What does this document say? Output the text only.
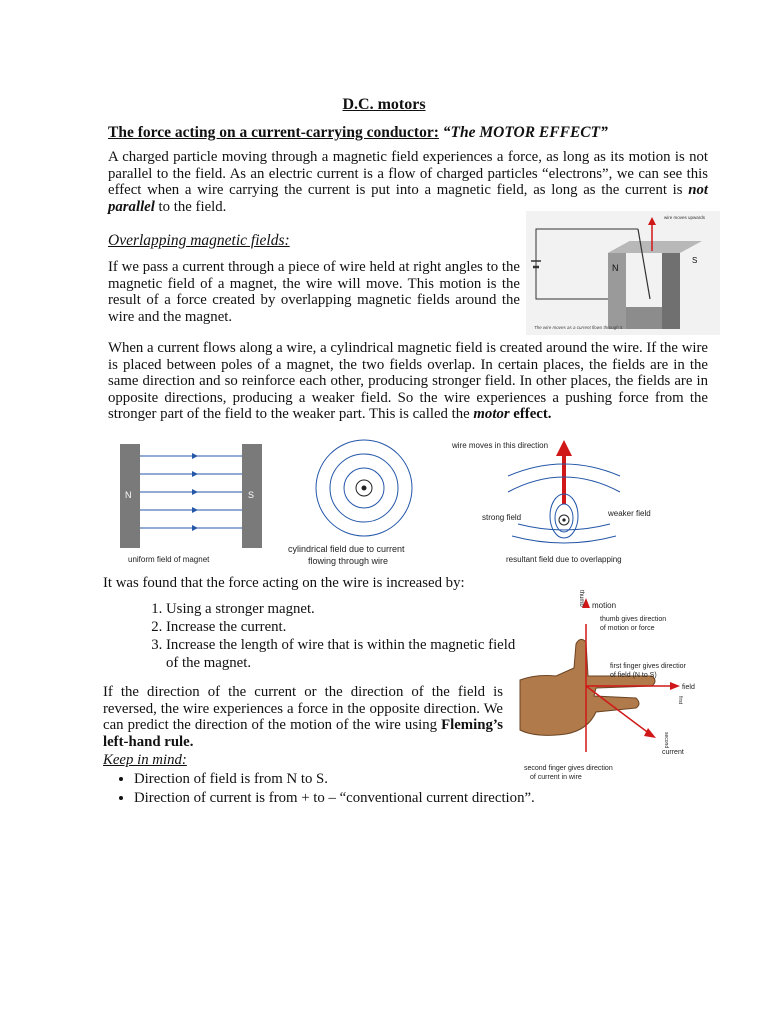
D.C. motors
The force acting on a current-carrying conductor: “The MOTOR EFFECT”

A charged particle moving through a magnetic field experiences a force, as long as its motion is not parallel to the field. As an electric current is a flow of charged particles “electrons”, we can see this effect when a wire carrying the current is put into a magnetic field, as long as the current is not parallel to the field.

Overlapping magnetic fields:

If we pass a current through a piece of wire held at right angles to the magnetic field of a magnet, the wire will move. This motion is the result of a force created by overlapping magnetic fields around the wire and the magnet.

wire moves upwards
N
S
The wire moves as a current flows through it.

When a current flows along a wire, a cylindrical magnetic field is created around the wire. If the wire is placed between poles of a magnet, the two fields overlap. In certain places, the fields are in the same direction and so reinforce each other, producing stronger field. In other places, the fields are in opposite directions, producing a weaker field. So the wire experiences a pushing force from the stronger part of the field to the weaker part. This is called the motor effect.

N	S
uniform field of magnet
cylindrical field due to current
flowing through wire
wire moves in this direction
strong field	weaker field
resultant field due to overlapping
It was found that the force acting on the wire is increased by:
1. Using a stronger magnet.
2. Increase the current.
3. Increase the length of wire that is within the magnetic field of the magnet.

If the direction of the current or the direction of the field is reversed, the wire experiences a force in the opposite direction. We can predict the direction of the motion of the wire using Fleming’s left-hand rule.

Keep in mind:
• Direction of field is from N to S.
• Direction of current is from + to – “conventional current direction”.
thumb motion
thumb gives direction
of motion or force
first finger gives directior
of field (N to S)
field
first
second
current
second finger gives direction
of current in wire
